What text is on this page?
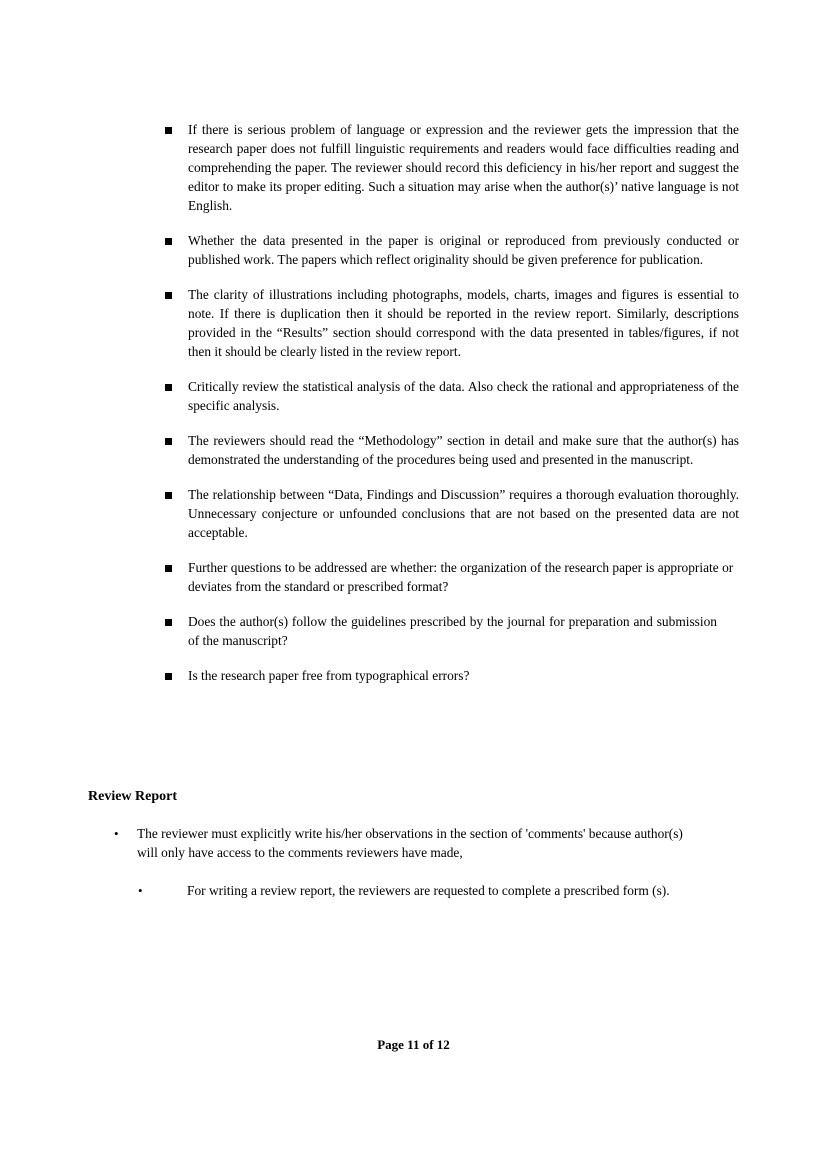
If there is serious problem of language or expression and the reviewer gets the impression that the research paper does not fulfill linguistic requirements and readers would face difficulties reading and comprehending the paper. The reviewer should record this deficiency in his/her report and suggest the editor to make its proper editing. Such a situation may arise when the author(s)’ native language is not English.
Whether the data presented in the paper is original or reproduced from previously conducted or published work. The papers which reflect originality should be given preference for publication.
The clarity of illustrations including photographs, models, charts, images and figures is essential to note. If there is duplication then it should be reported in the review report. Similarly, descriptions provided in the “Results” section should correspond with the data presented in tables/figures, if not then it should be clearly listed in the review report.
Critically review the statistical analysis of the data. Also check the rational and appropriateness of the specific analysis.
The reviewers should read the “Methodology” section in detail and make sure that the author(s) has demonstrated the understanding of the procedures being used and presented in the manuscript.
The relationship between “Data, Findings and Discussion” requires a thorough evaluation thoroughly. Unnecessary conjecture or unfounded conclusions that are not based on the presented data are not acceptable.
Further questions to be addressed are whether: the organization of the research paper is appropriate or deviates from the standard or prescribed format?
Does the author(s) follow the guidelines prescribed by the journal for preparation and submission of the manuscript?
Is the research paper free from typographical errors?
Review Report
• The reviewer must explicitly write his/her observations in the section of 'comments' because author(s) will only have access to the comments reviewers have made,
•	For writing a review report, the reviewers are requested to complete a prescribed form (s).
Page 11 of 12
